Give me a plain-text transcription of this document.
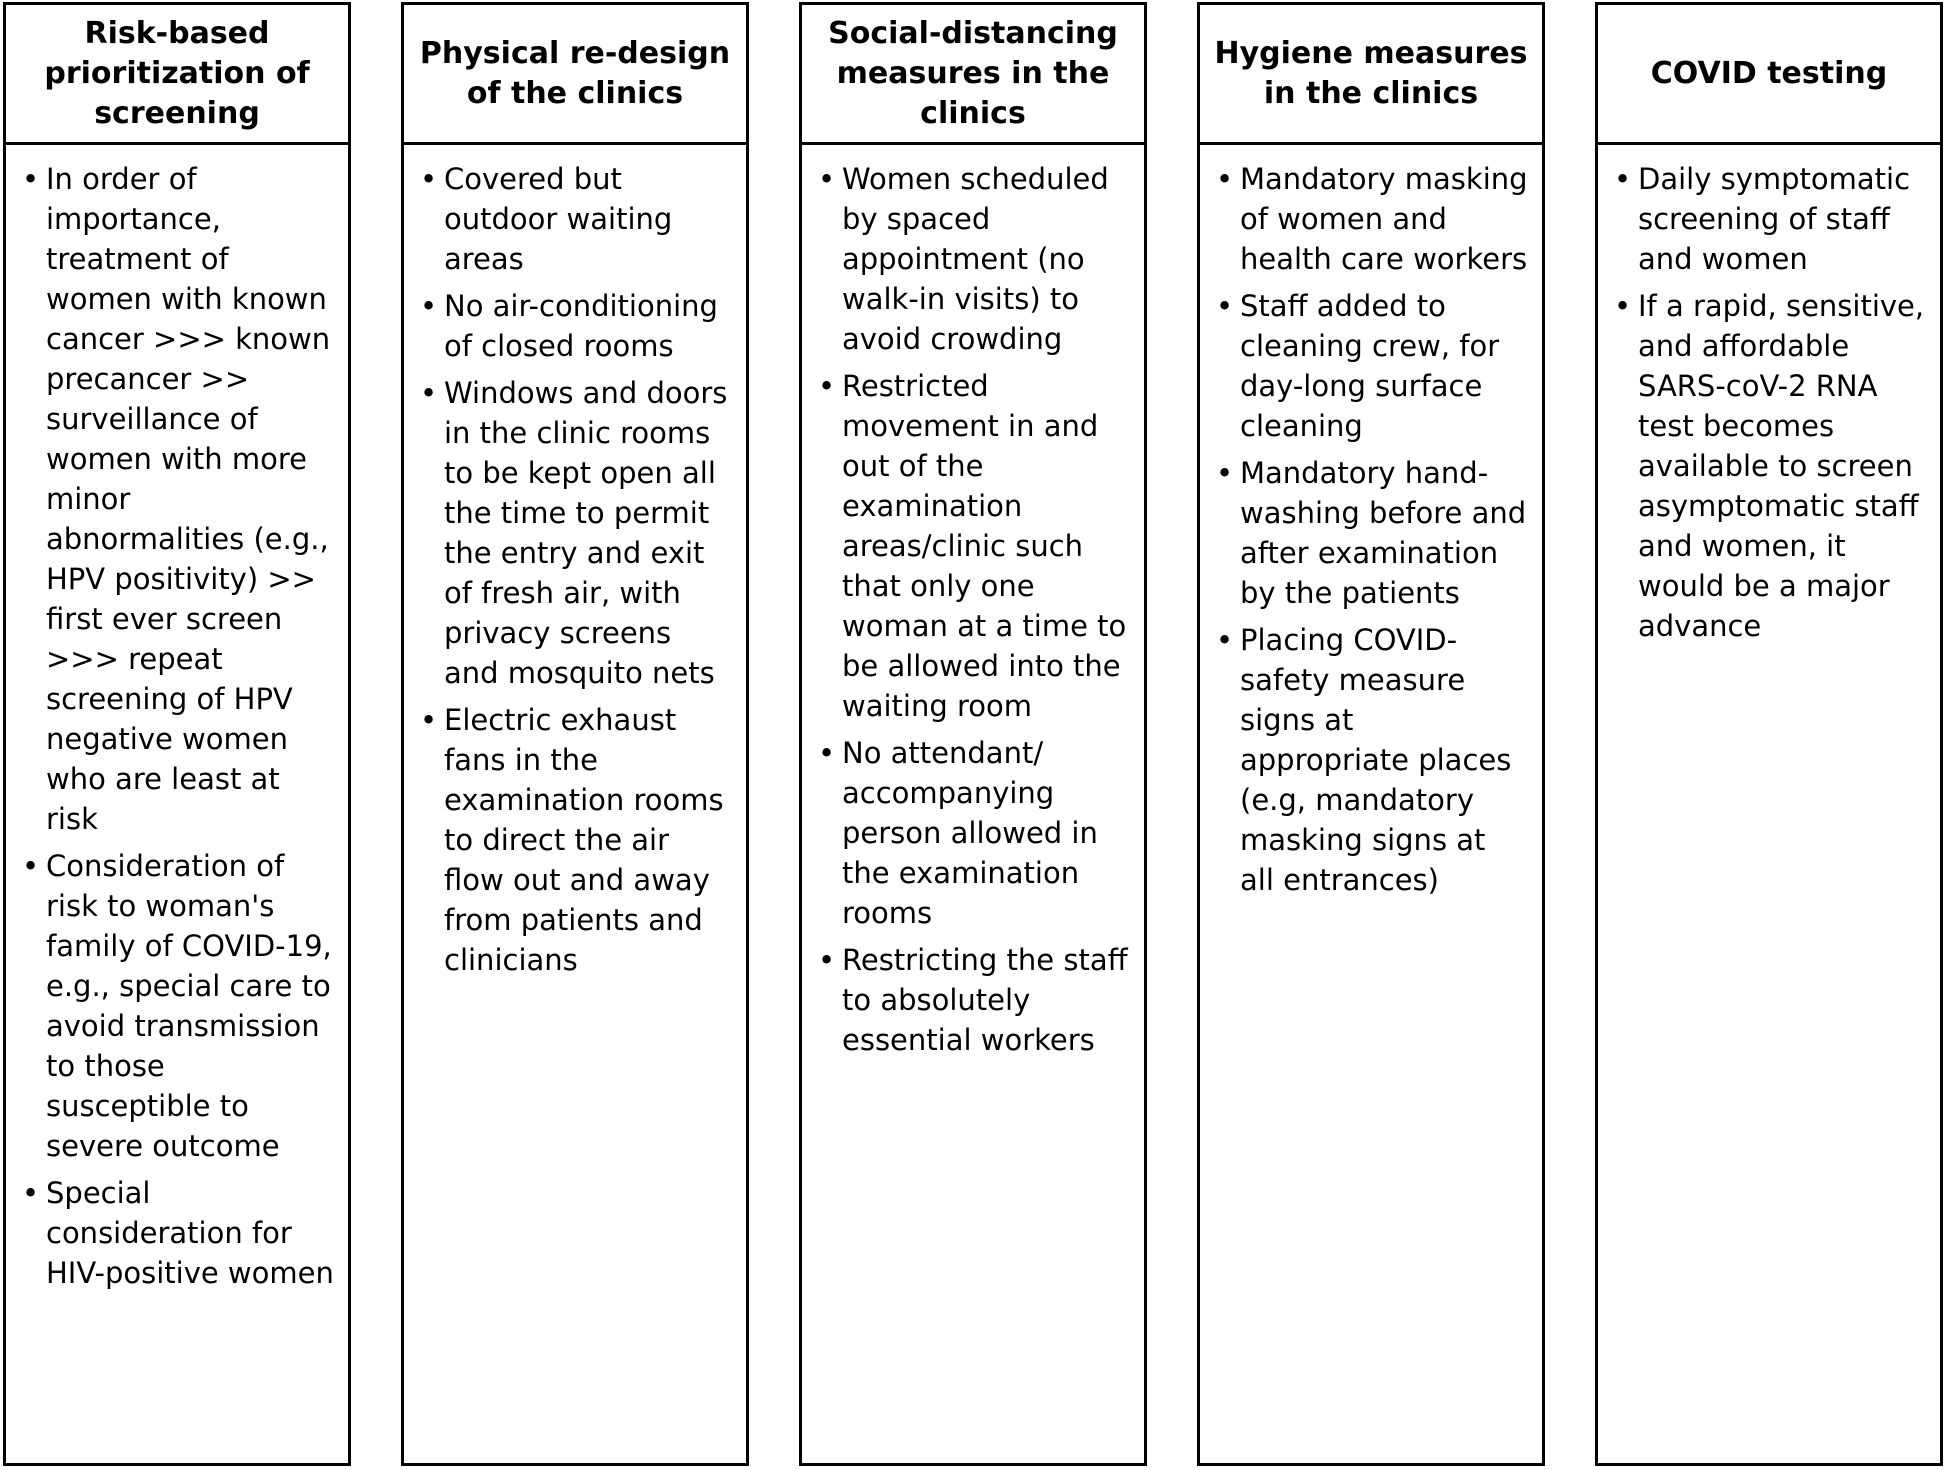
Risk-based prioritization of screening
• In order of importance, treatment of women with known cancer >>> known precancer >> surveillance of women with more minor abnormalities (e.g., HPV positivity) >> first ever screen >>> repeat screening of HPV negative women who are least at risk
• Consideration of risk to woman's family of COVID-19, e.g., special care to avoid transmission to those susceptible to severe outcome
• Special consideration for HIV-positive women
Physical re-design of the clinics
• Covered but outdoor waiting areas
• No air-conditioning of closed rooms
• Windows and doors in the clinic rooms to be kept open all the time to permit the entry and exit of fresh air, with privacy screens and mosquito nets
• Electric exhaust fans in the examination rooms to direct the air flow out and away from patients and clinicians
Social-distancing measures in the clinics
• Women scheduled by spaced appointment (no walk-in visits) to avoid crowding
• Restricted movement in and out of the examination areas/clinic such that only one woman at a time to be allowed into the waiting room
• No attendant/ accompanying person allowed in the examination rooms
• Restricting the staff to absolutely essential workers
Hygiene measures in the clinics
• Mandatory masking of women and health care workers
• Staff added to cleaning crew, for day-long surface cleaning
• Mandatory hand-washing before and after examination by the patients
• Placing COVID-safety measure signs at appropriate places (e.g, mandatory masking signs at all entrances)
COVID testing
• Daily symptomatic screening of staff and women
• If a rapid, sensitive, and affordable SARS-coV-2 RNA test becomes available to screen asymptomatic staff and women, it would be a major advance
